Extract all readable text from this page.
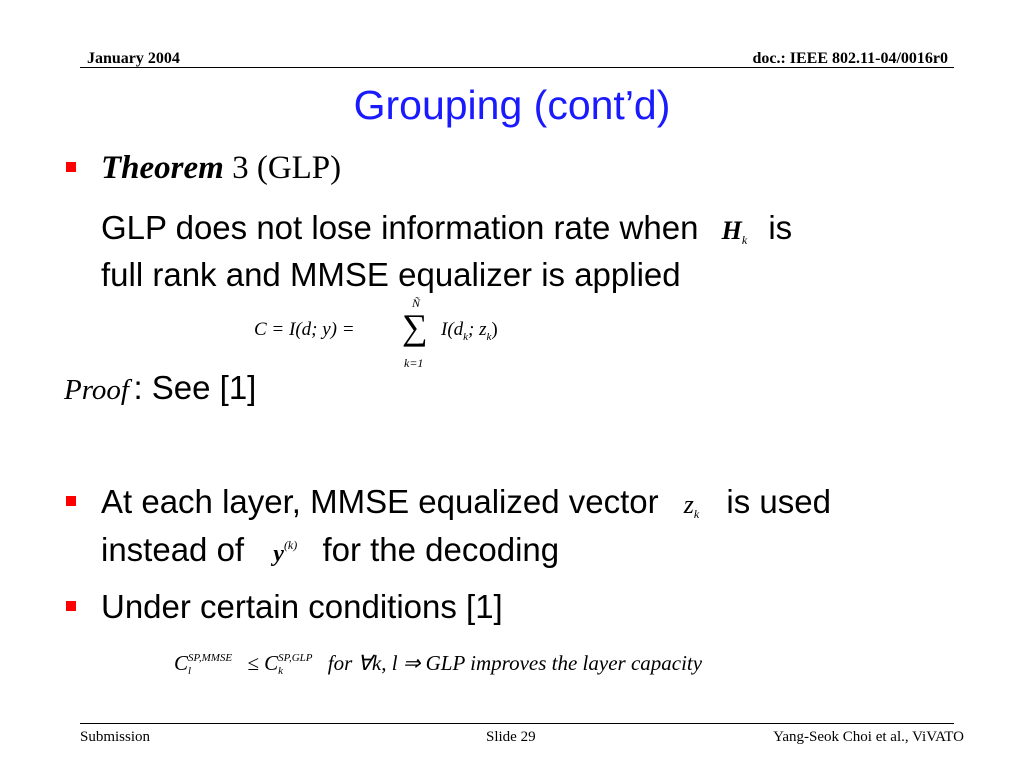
January 2004	doc.: IEEE 802.11-04/0016r0
Grouping (cont’d)
Theorem 3 (GLP)
GLP does not lose information rate when Hk is
full rank and MMSE equalizer is applied
C = I(d; y) =
Ñ
∑
k=1
$I(d_k$; $z_k$)
Proof : See [1]
At each layer, MMSE equalized vector zk is used
instead of $y^{(k)}$ for the decoding
Under certain conditions [1]
C SP,MMSE
l	≤ C SP,GLP
k	for ∀k, l ⇒ GLP improves the layer capacity
Submission	Slide 29	Yang-Seok Choi et al., ViVATO
